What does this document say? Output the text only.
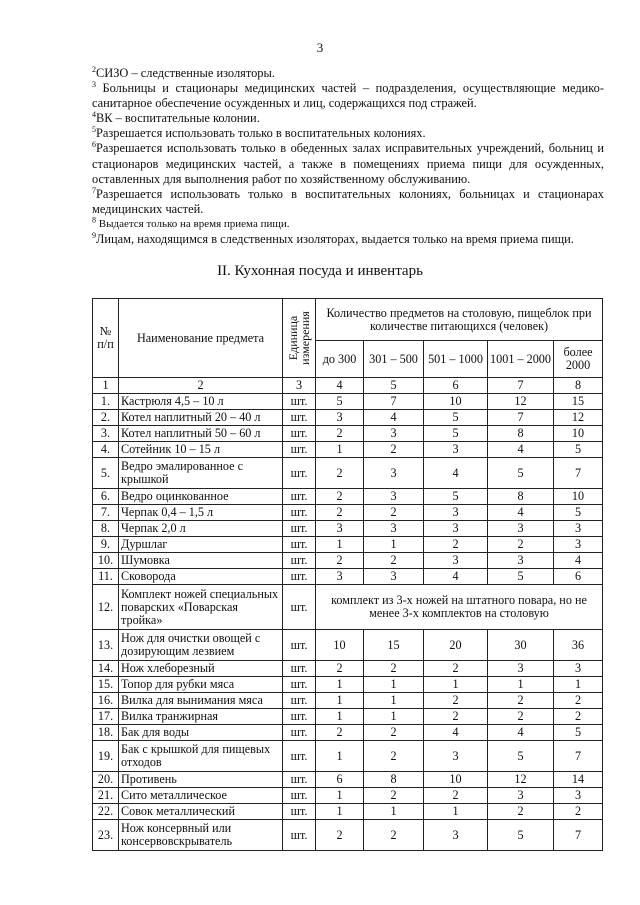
3

$^2$СИЗО – следственные изоляторы.

$^3$ Больницы и стационары медицинских частей – подразделения, осуществляющие медико-санитарное обеспечение осужденных и лиц, содержащихся под стражей.

$^4$ВК – воспитательные колонии.

$^5$Разрешается использовать только в воспитательных колониях.

$^6$Разрешается использовать только в обеденных залах исправительных учреждений, больниц и стационаров медицинских частей, а также в помещениях приема пищи для осужденных, оставленных для выполнения работ по хозяйственному обслуживанию.

$^7$Разрешается использовать только в воспитательных колониях, больницах и стационарах медицинских частей.

$^8$ Выдается только на время приема пищи.

$^9$Лицам, находящимся в следственных изоляторах, выдается только на время приема пищи.

II. Кухонная посуда и инвентарь
№ п/п	Наименование предмета	Единица измерения	Количество предметов на столовую, пищеблок при количестве питающихся (человек)				
			до 300	301 – 500	501 – 1000	1001 – 2000	более 2000
1	2	3	4	5	6	7	8
1.	Кастрюля 4,5 – 10 л	шт.	5	7	10	12	15
2.	Котел наплитный 20 – 40 л	шт.	3	4	5	7	12
3.	Котел наплитный 50 – 60 л	шт.	2	3	5	8	10
4.	Сотейник 10 – 15 л	шт.	1	2	3	4	5
5.	Ведро эмалированное с крышкой	шт.	2	3	4	5	7
6.	Ведро оцинкованное	шт.	2	3	5	8	10
7.	Черпак 0,4 – 1,5 л	шт.	2	2	3	4	5
8.	Черпак 2,0 л	шт.	3	3	3	3	3
9.	Дуршлаг	шт.	1	1	2	2	3
10.	Шумовка	шт.	2	2	3	3	4
11.	Сковорода	шт.	3	3	4	5	6
12.	Комплект ножей специальных поварских «Поварская тройка»	шт.	комплект из 3-х ножей на штатного повара, но не менее 3-х комплектов на столовую				
13.	Нож для очистки овощей с дозирующим лезвием	шт.	10	15	20	30	36
14.	Нож хлеборезный	шт.	2	2	2	3	3
15.	Топор для рубки мяса	шт.	1	1	1	1	1
16.	Вилка для вынимания мяса	шт.	1	1	2	2	2
17.	Вилка транжирная	шт.	1	1	2	2	2
18.	Бак для воды	шт.	2	2	4	4	5
19.	Бак с крышкой для пищевых отходов	шт.	1	2	3	5	7
20.	Противень	шт.	6	8	10	12	14
21.	Сито металлическое	шт.	1	2	2	3	3
22.	Совок металлический	шт.	1	1	1	2	2
23.	Нож консервный или консервовскрыватель	шт.	2	2	3	5	7
